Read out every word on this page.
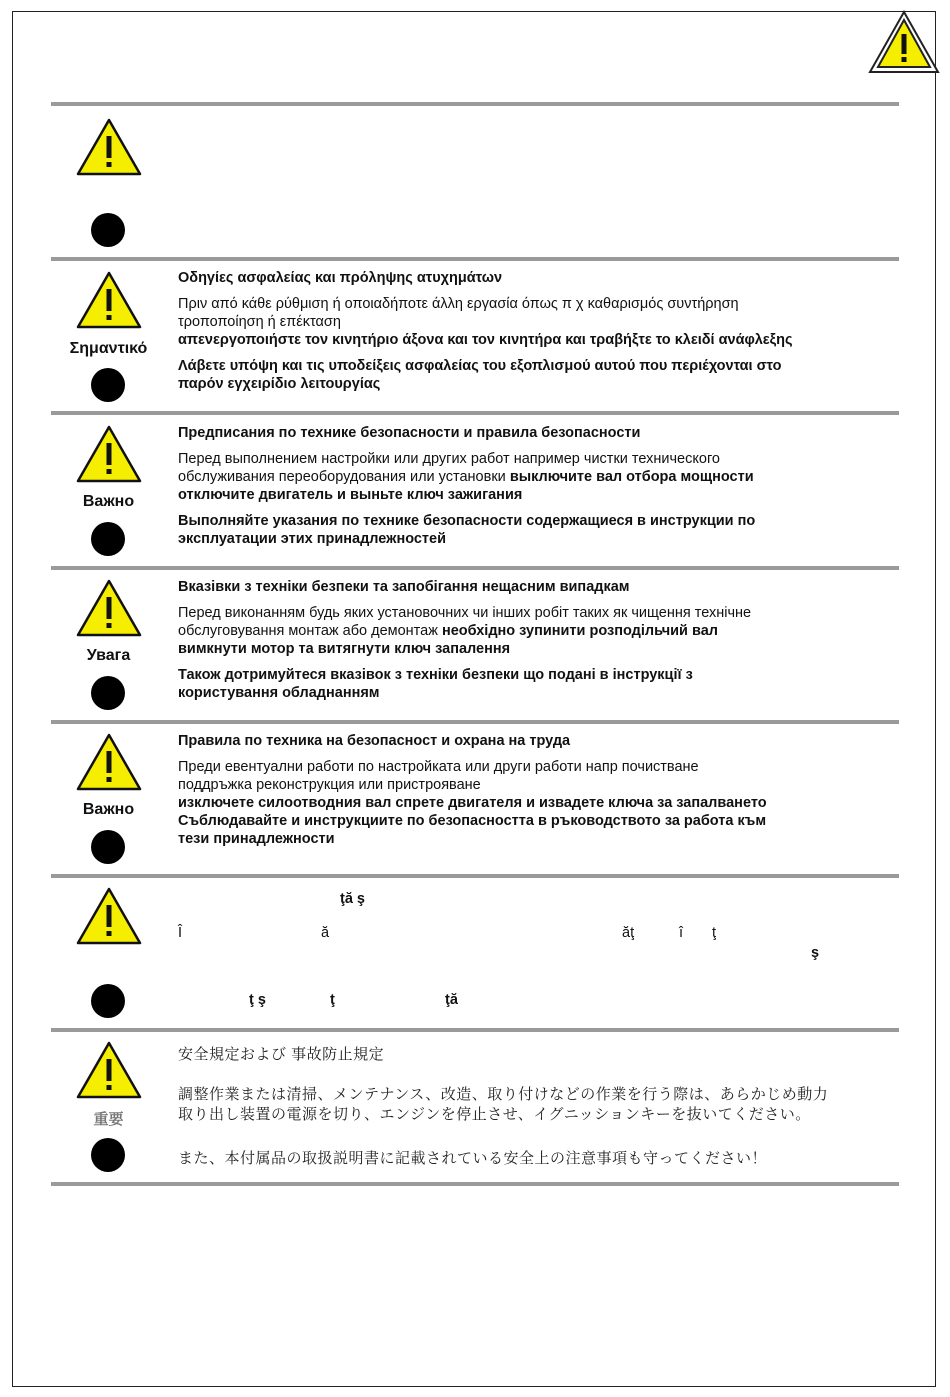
Σημαντικό

Οδηγίες ασφαλείας και πρόληψης ατυχημάτων

Πριν από κάθε ρύθμιση ή οποιαδήποτε άλλη εργασία όπως π χ καθαρισμός συντήρηση

τροποποίηση ή επέκταση

απενεργοποιήστε τον κινητήριο άξονα και τον κινητήρα και τραβήξτε το κλειδί ανάφλεξης

Λάβετε υπόψη και τις υποδείξεις ασφαλείας του εξοπλισμού αυτού που περιέχονται στο

παρόν εγχειρίδιο λειτουργίας

Важно

Предписания по технике безопасности и правила безопасности

Перед выполнением настройки или других работ например чистки технического

обслуживания переоборудования или установки выключите вал отбора мощности

отключите двигатель и выньте ключ зажигания

Выполняйте указания по технике безопасности содержащиеся в инструкции по

эксплуатации этих принадлежностей

Увага

Вказівки з техніки безпеки та запобігання нещасним випадкам

Перед виконанням будь яких установочних чи інших робіт таких як чищення технічне

обслуговування монтаж або демонтаж необхідно зупинити розподільчий вал

вимкнути мотор та витягнути ключ запалення

Також дотримуйтеся вказівок з техніки безпеки що подані в інструкції з

користування обладнанням

Важно

Правила по техника на безопасност и охрана на труда

Преди евентуални работи по настройката или други работи напр почистване

поддръжка реконструкция или пристрояване

изключете силоотводния вал спрете двигателя и извадете ключа за запалването

Съблюдавайте и инструкциите по безопасността в ръководството за работа към

тези принадлежности

ţă ş
Î	ă	ăţ	î ţ
ş
ţ ş	ţ	ţă
重要

安全規定および 事故防止規定

調整作業または清掃、メンテナンス、改造、取り付けなどの作業を行う際は、あらかじめ動力

取り出し装置の電源を切り、エンジンを停止させ、イグニッションキーを抜いてください。

また、本付属品の取扱説明書に記載されている安全上の注意事項も守ってください！
